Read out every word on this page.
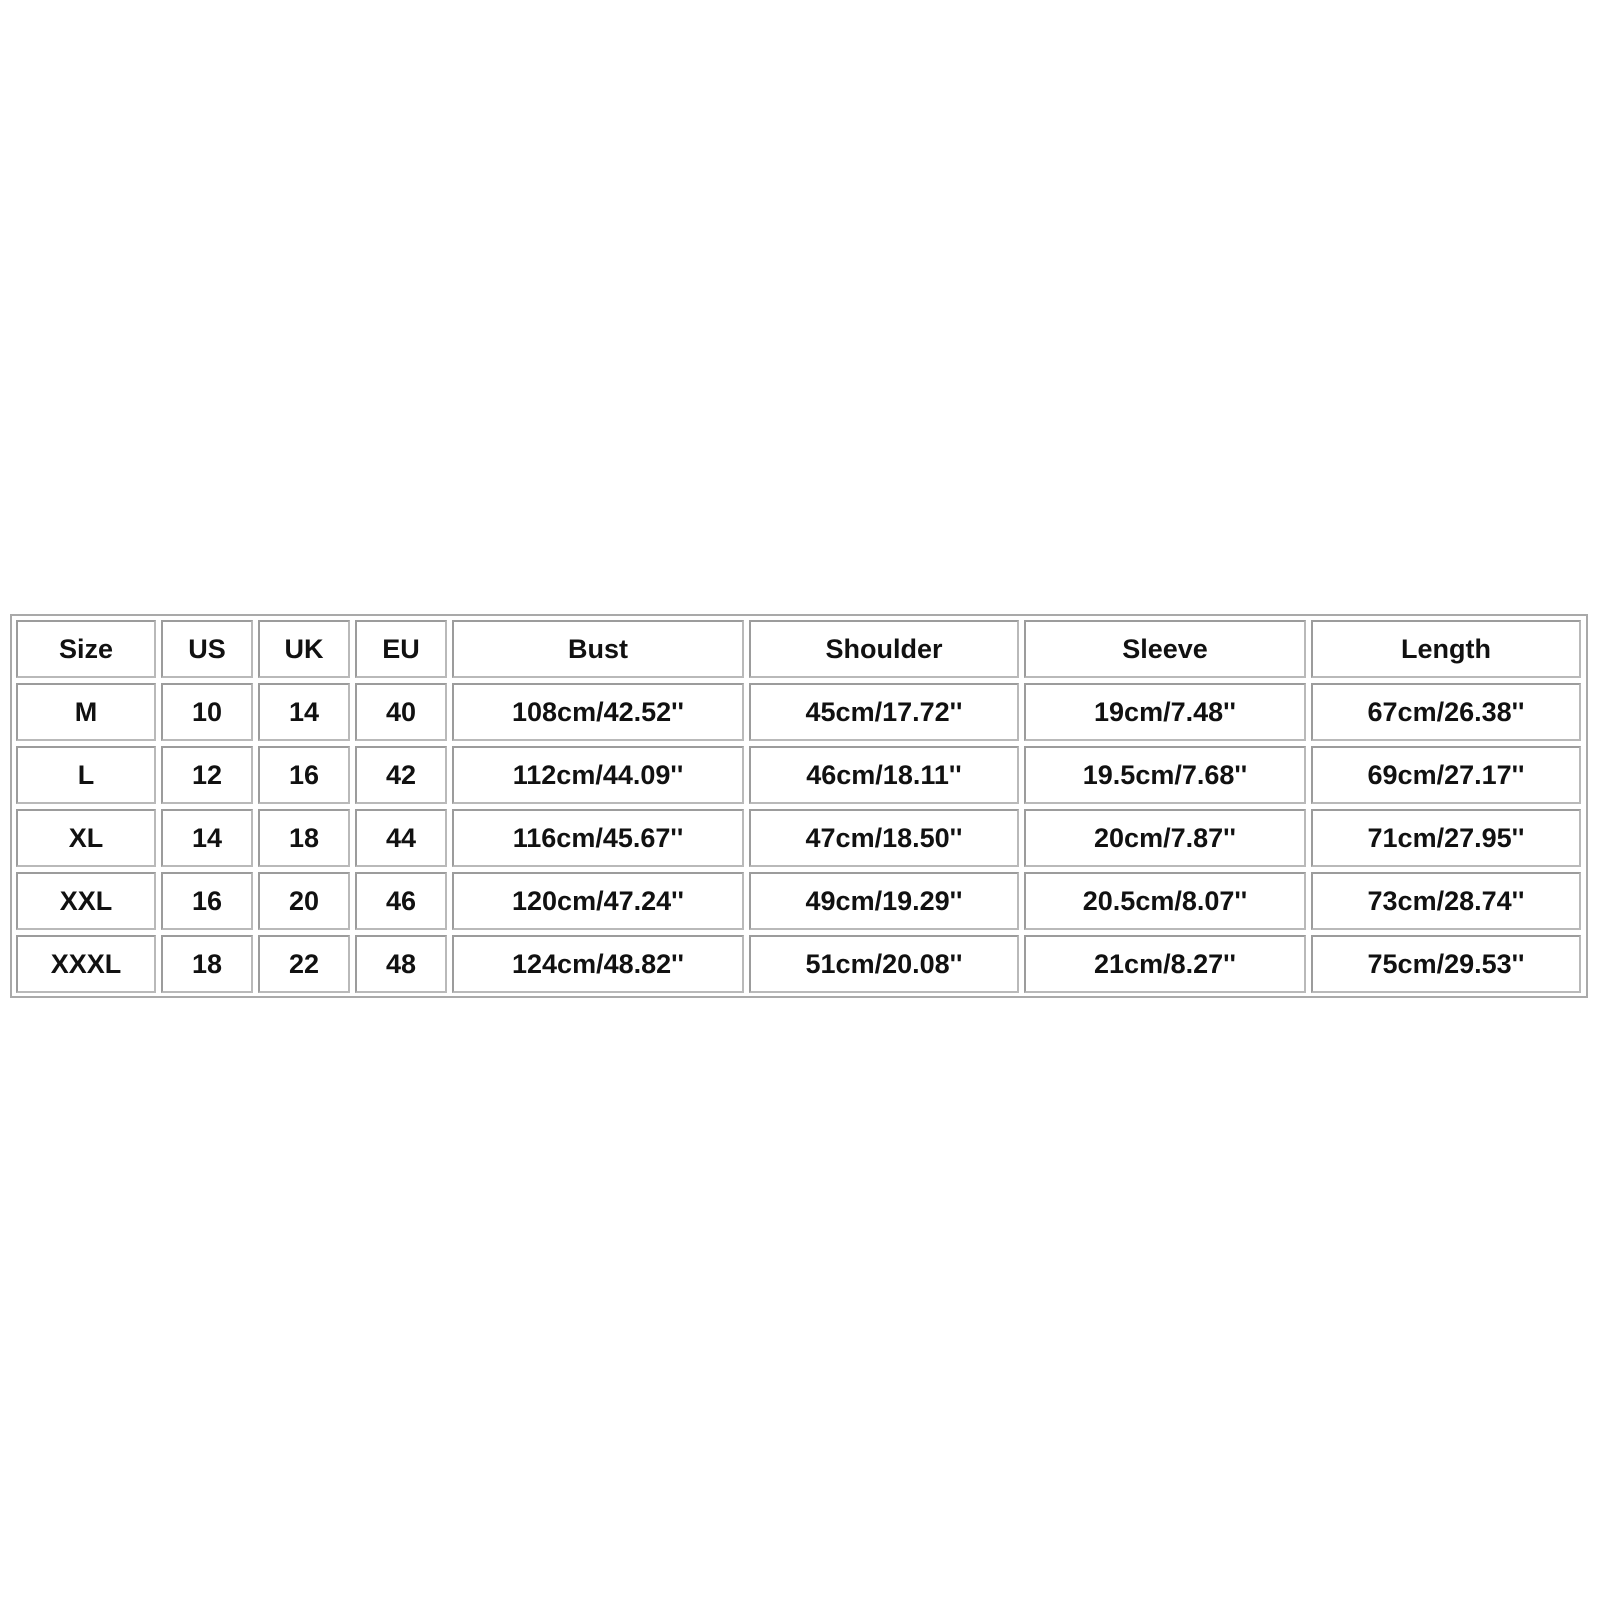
Size	US	UK	EU	Bust	Shoulder	Sleeve	Length
M	10	14	40	108cm/42.52''	45cm/17.72''	19cm/7.48''	67cm/26.38''
L	12	16	42	112cm/44.09''	46cm/18.11''	19.5cm/7.68''	69cm/27.17''
XL	14	18	44	116cm/45.67''	47cm/18.50''	20cm/7.87''	71cm/27.95''
XXL	16	20	46	120cm/47.24''	49cm/19.29''	20.5cm/8.07''	73cm/28.74''
XXXL	18	22	48	124cm/48.82''	51cm/20.08''	21cm/8.27''	75cm/29.53''
